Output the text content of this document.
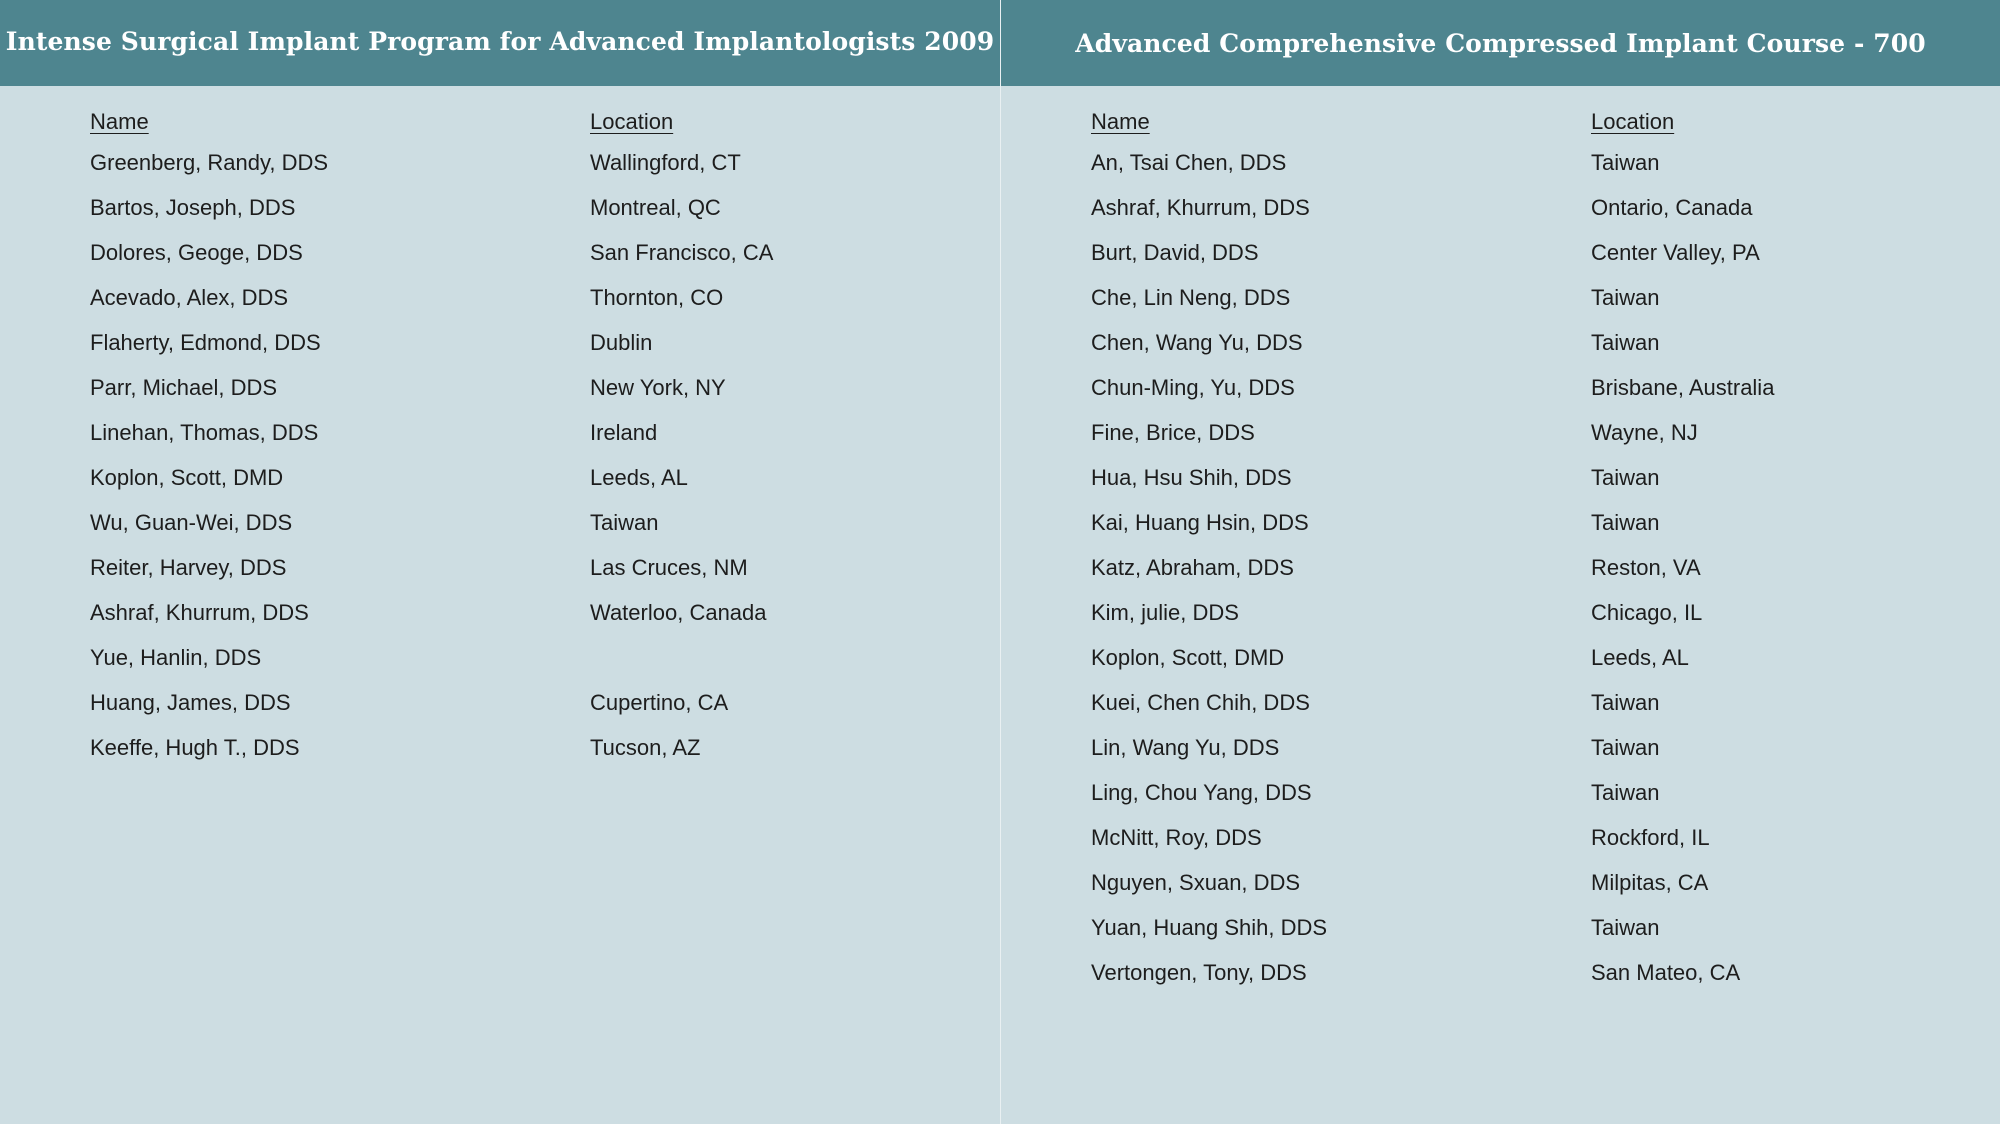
Intense Surgical Implant Program for Advanced Implantologists 2009
Name	Location
Greenberg, Randy, DDS	Wallingford, CT
Bartos, Joseph, DDS	Montreal, QC
Dolores, Geoge, DDS	San Francisco, CA
Acevado, Alex, DDS	Thornton, CO
Flaherty, Edmond, DDS	Dublin
Parr, Michael, DDS	New York, NY
Linehan, Thomas, DDS	Ireland
Koplon, Scott, DMD	Leeds, AL
Wu, Guan-Wei, DDS	Taiwan
Reiter, Harvey, DDS	Las Cruces, NM
Ashraf, Khurrum, DDS	Waterloo, Canada
Yue, Hanlin, DDS
Huang, James, DDS	Cupertino, CA
Keeffe, Hugh T., DDS	Tucson, AZ
Advanced Comprehensive Compressed Implant Course - 700
Name	Location
An, Tsai Chen, DDS	Taiwan
Ashraf, Khurrum, DDS	Ontario, Canada
Burt, David, DDS	Center Valley, PA
Che, Lin Neng, DDS	Taiwan
Chen, Wang Yu, DDS	Taiwan
Chun-Ming, Yu, DDS	Brisbane, Australia
Fine, Brice, DDS	Wayne, NJ
Hua, Hsu Shih, DDS	Taiwan
Kai, Huang Hsin, DDS	Taiwan
Katz, Abraham, DDS	Reston, VA
Kim, julie, DDS	Chicago, IL
Koplon, Scott, DMD	Leeds, AL
Kuei, Chen Chih, DDS	Taiwan
Lin, Wang Yu, DDS	Taiwan
Ling, Chou Yang, DDS	Taiwan
McNitt, Roy, DDS	Rockford, IL
Nguyen, Sxuan, DDS	Milpitas, CA
Yuan, Huang Shih, DDS	Taiwan
Vertongen, Tony, DDS	San Mateo, CA
